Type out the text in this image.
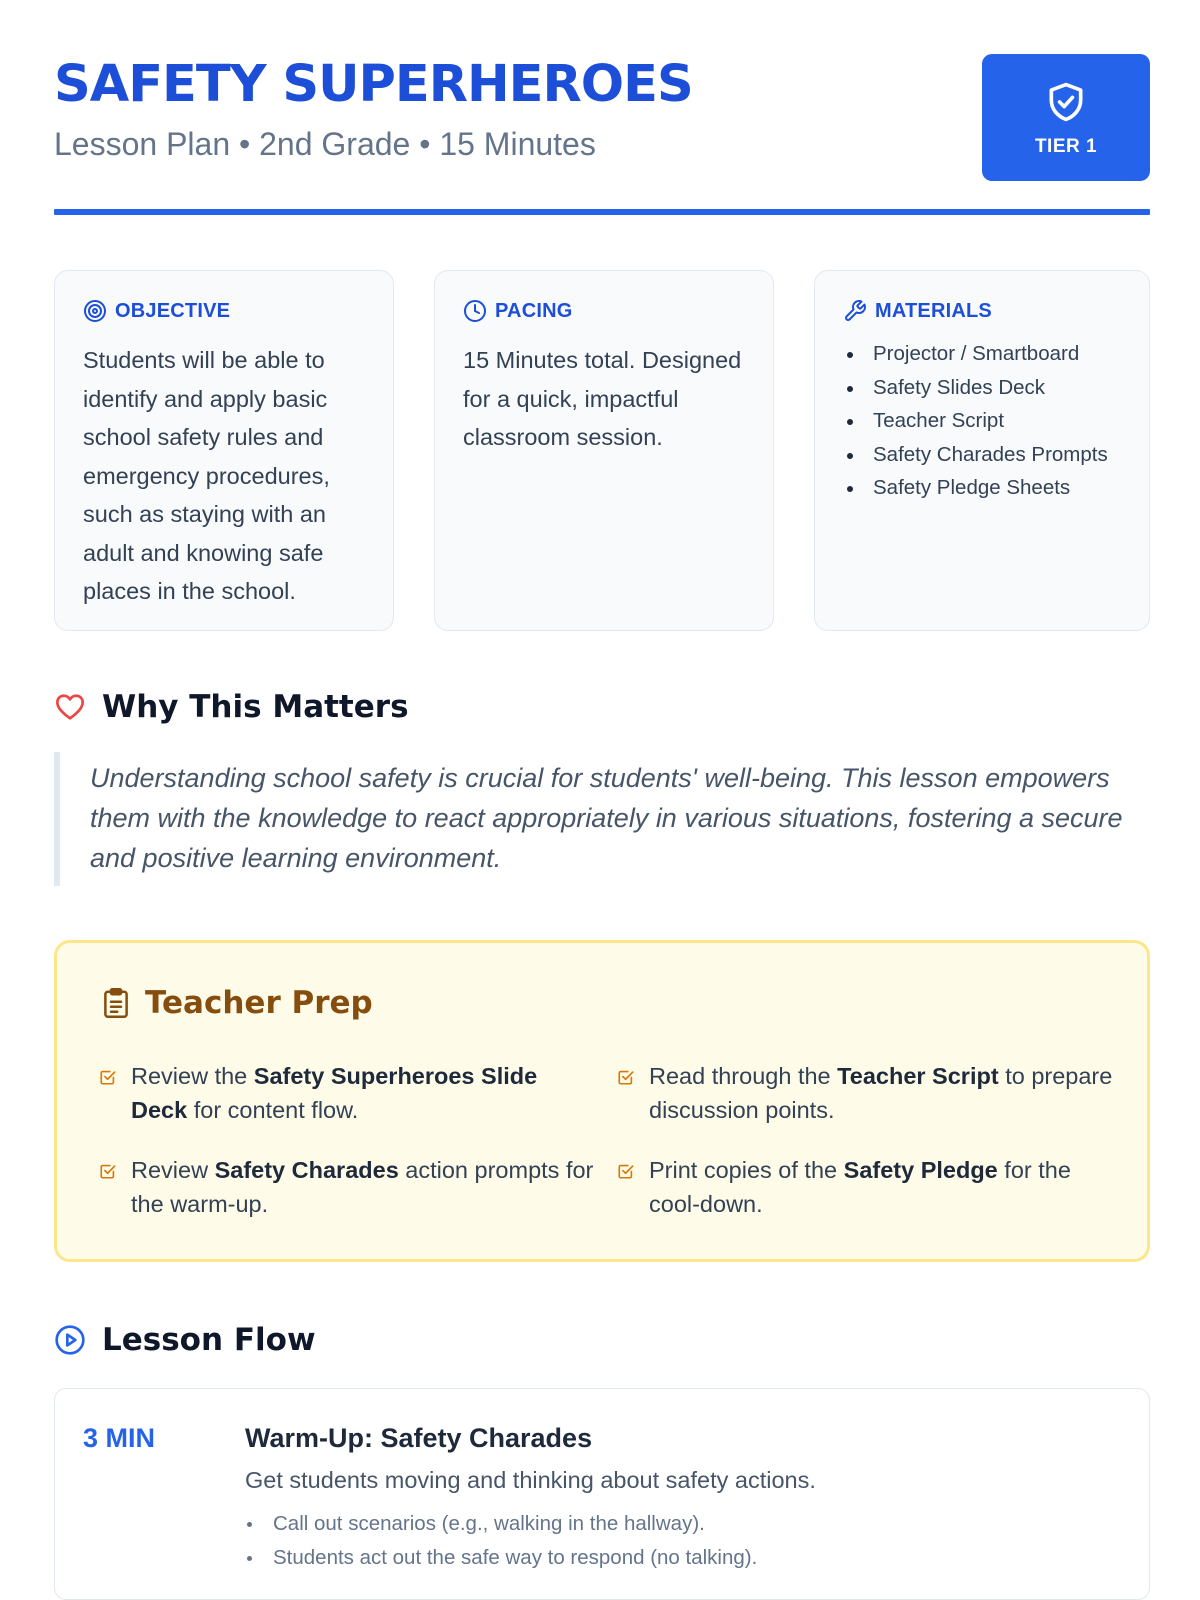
SAFETY SUPERHEROES
Lesson Plan • 2nd Grade • 15 Minutes	TIER 1
OBJECTIVE

Students will be able to identify and apply basic school safety rules and emergency procedures, such as staying with an adult and knowing safe places in the school.

PACING

15 Minutes total. Designed for a quick, impactful classroom session.

MATERIALS
Projector / Smartboard
Safety Slides Deck
Teacher Script
Safety Charades Prompts
Safety Pledge Sheets
Why This Matters
Understanding school safety is crucial for students' well-being. This lesson empowers them with the knowledge to react appropriately in various situations, fostering a secure and positive learning environment.
Teacher Prep
Review the Safety Superheroes Slide Deck for content flow.
Read through the Teacher Script to prepare discussion points.
Review Safety Charades action prompts for the warm-up.
Print copies of the Safety Pledge for the cool-down.
Lesson Flow
3 MIN	Warm-Up: Safety Charades
Get students moving and thinking about safety actions.
Call out scenarios (e.g., walking in the hallway).
Students act out the safe way to respond (no talking).
